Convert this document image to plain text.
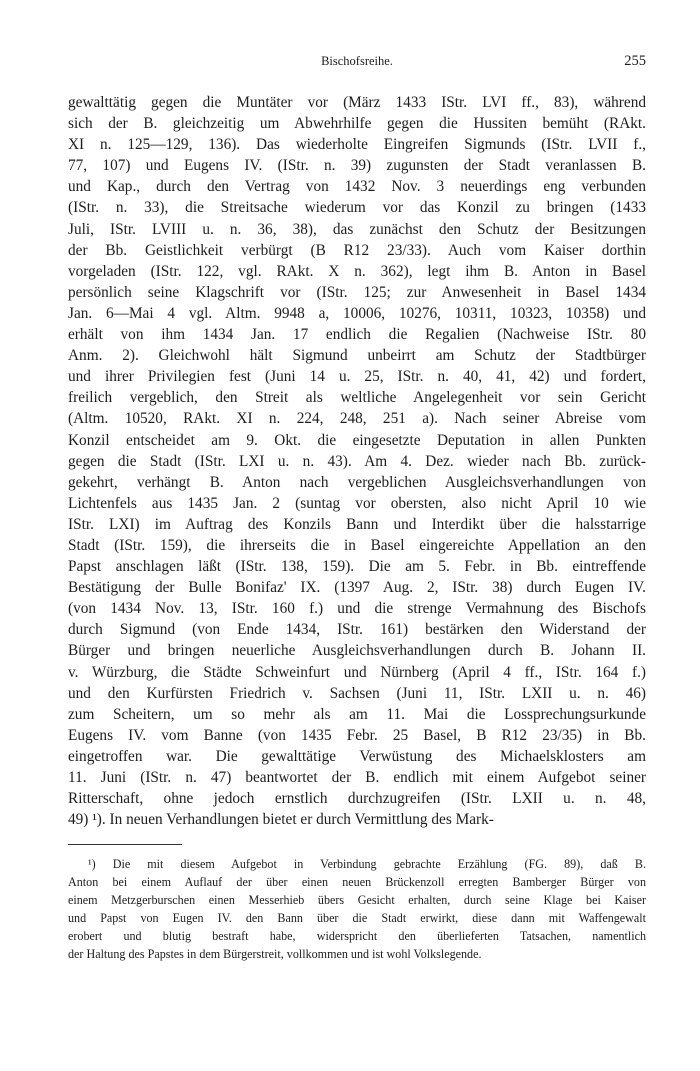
Bischofsreihe.	255
gewalttätig gegen die Muntäter vor (März 1433 IStr. LVI ff., 83), während
sich der B. gleichzeitig um Abwehrhilfe gegen die Hussiten bemüht (RAkt.
XI n. 125—129, 136). Das wiederholte Eingreifen Sigmunds (IStr. LVII f.,
77, 107) und Eugens IV. (IStr. n. 39) zugunsten der Stadt veranlassen B.
und Kap., durch den Vertrag von 1432 Nov. 3 neuerdings eng verbunden
(IStr. n. 33), die Streitsache wiederum vor das Konzil zu bringen (1433
Juli, IStr. LVIII u. n. 36, 38), das zunächst den Schutz der Besitzungen
der Bb. Geistlichkeit verbürgt (B R12 23/33). Auch vom Kaiser dorthin
vorgeladen (IStr. 122, vgl. RAkt. X n. 362), legt ihm B. Anton in Basel
persönlich seine Klagschrift vor (IStr. 125; zur Anwesenheit in Basel 1434
Jan. 6—Mai 4 vgl. Altm. 9948 a, 10006, 10276, 10311, 10323, 10358) und
erhält von ihm 1434 Jan. 17 endlich die Regalien (Nachweise IStr. 80
Anm. 2). Gleichwohl hält Sigmund unbeirrt am Schutz der Stadtbürger
und ihrer Privilegien fest (Juni 14 u. 25, IStr. n. 40, 41, 42) und fordert,
freilich vergeblich, den Streit als weltliche Angelegenheit vor sein Gericht
(Altm. 10520, RAkt. XI n. 224, 248, 251 a). Nach seiner Abreise vom
Konzil entscheidet am 9. Okt. die eingesetzte Deputation in allen Punkten
gegen die Stadt (IStr. LXI u. n. 43). Am 4. Dez. wieder nach Bb. zurück-
gekehrt, verhängt B. Anton nach vergeblichen Ausgleichsverhandlungen von
Lichtenfels aus 1435 Jan. 2 (suntag vor obersten, also nicht April 10 wie
IStr. LXI) im Auftrag des Konzils Bann und Interdikt über die halsstarrige
Stadt (IStr. 159), die ihrerseits die in Basel eingereichte Appellation an den
Papst anschlagen läßt (IStr. 138, 159). Die am 5. Febr. in Bb. eintreffende
Bestätigung der Bulle Bonifaz' IX. (1397 Aug. 2, IStr. 38) durch Eugen IV.
(von 1434 Nov. 13, IStr. 160 f.) und die strenge Vermahnung des Bischofs
durch Sigmund (von Ende 1434, IStr. 161) bestärken den Widerstand der
Bürger und bringen neuerliche Ausgleichsverhandlungen durch B. Johann II.
v. Würzburg, die Städte Schweinfurt und Nürnberg (April 4 ff., IStr. 164 f.)
und den Kurfürsten Friedrich v. Sachsen (Juni 11, IStr. LXII u. n. 46)
zum Scheitern, um so mehr als am 11. Mai die Lossprechungsurkunde
Eugens IV. vom Banne (von 1435 Febr. 25 Basel, B R12 23/35) in Bb.
eingetroffen war. Die gewalttätige Verwüstung des Michaelsklosters am
11. Juni (IStr. n. 47) beantwortet der B. endlich mit einem Aufgebot seiner
Ritterschaft, ohne jedoch ernstlich durchzugreifen (IStr. LXII u. n. 48,
49) ¹). In neuen Verhandlungen bietet er durch Vermittlung des Mark-
¹) Die mit diesem Aufgebot in Verbindung gebrachte Erzählung (FG. 89), daß B.
Anton bei einem Auflauf der über einen neuen Brückenzoll erregten Bamberger Bürger von
einem Metzgerburschen einen Messerhieb übers Gesicht erhalten, durch seine Klage bei Kaiser
und Papst von Eugen IV. den Bann über die Stadt erwirkt, diese dann mit Waffengewalt
erobert und blutig bestraft habe, widerspricht den überlieferten Tatsachen, namentlich
der Haltung des Papstes in dem Bürgerstreit, vollkommen und ist wohl Volkslegende.
